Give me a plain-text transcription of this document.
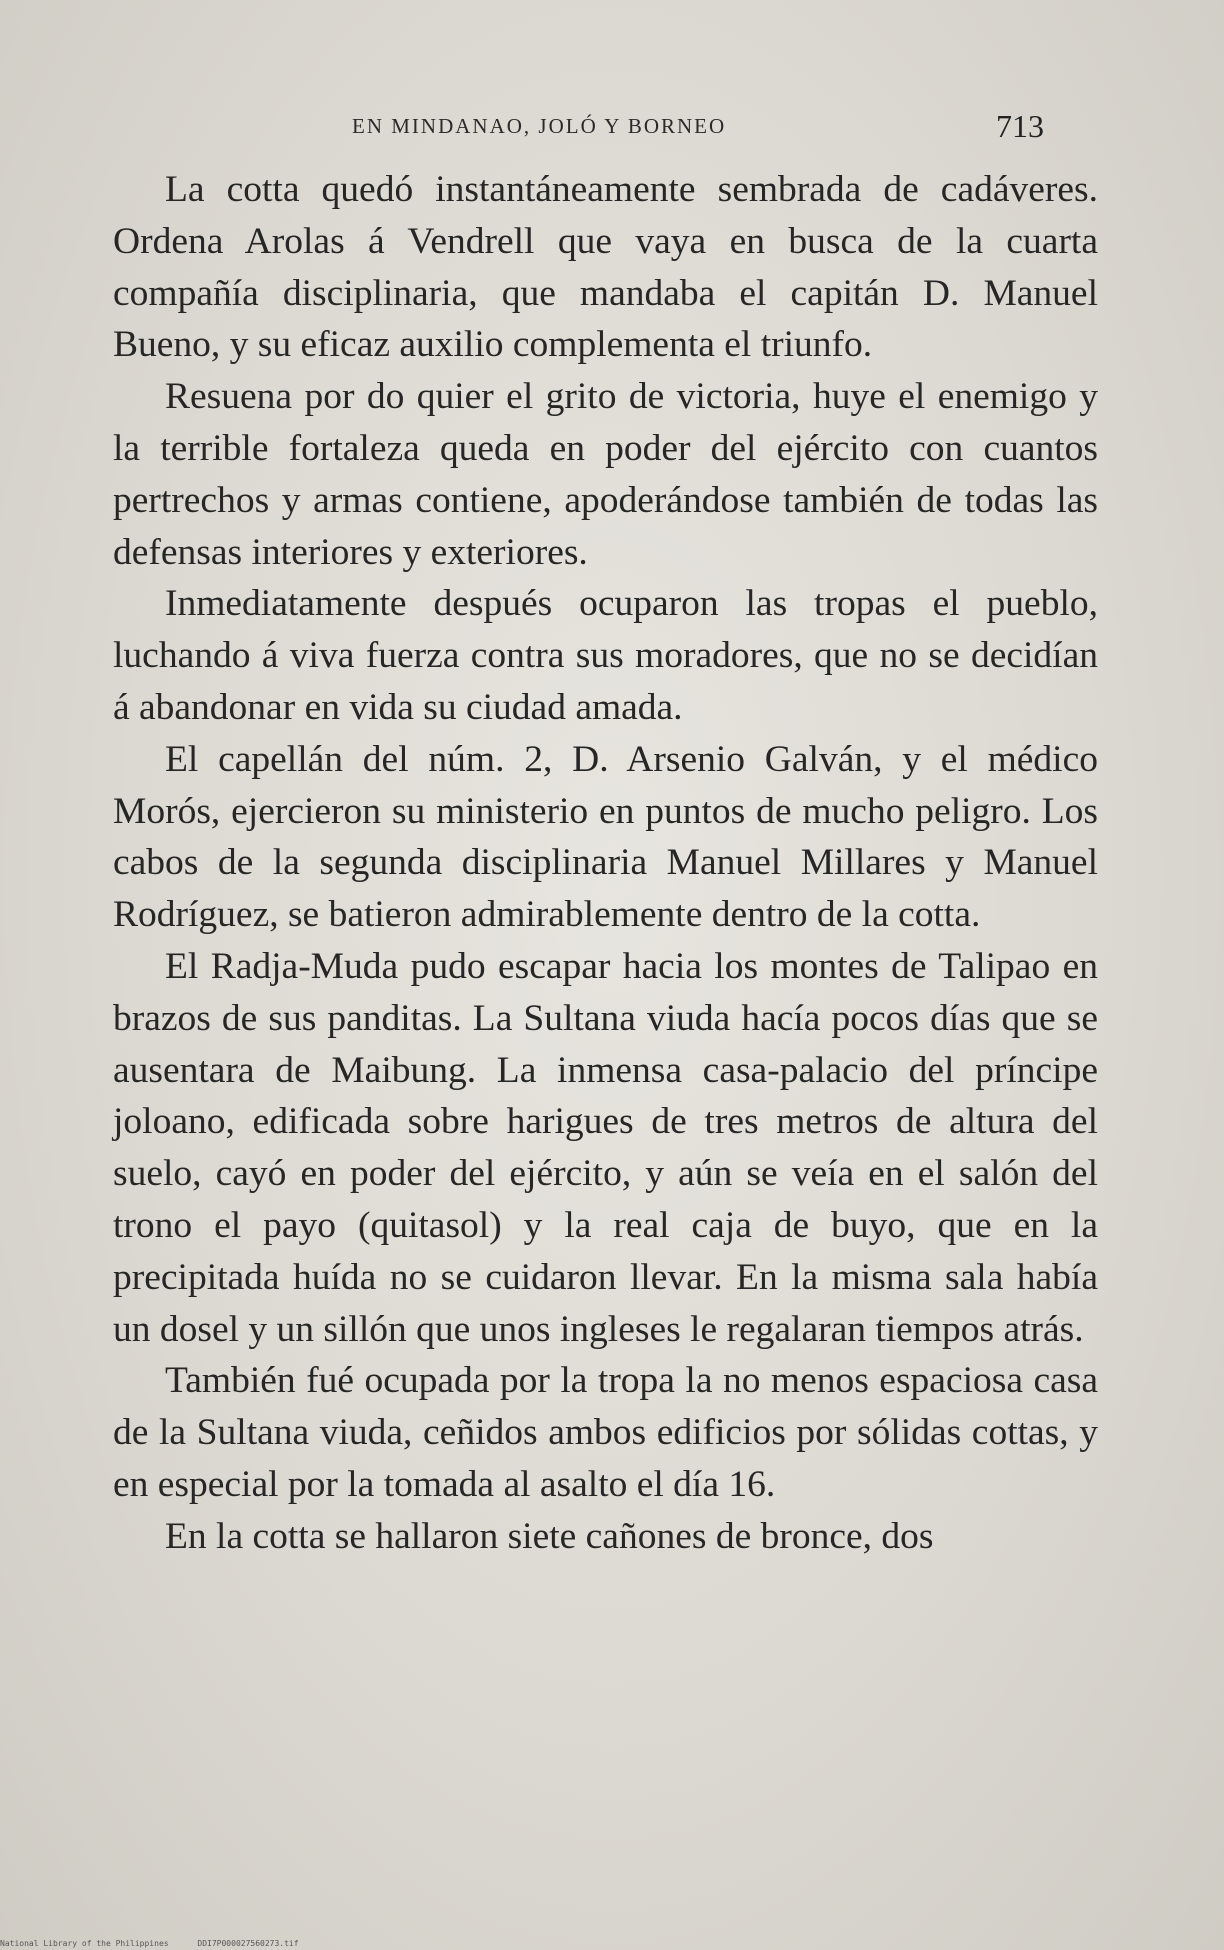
EN MINDANAO, JOLÓ Y BORNEO	713

La cotta quedó instantáneamente sembrada de cadáveres. Ordena Arolas á Vendrell que vaya en busca de la cuarta compañía disciplinaria, que mandaba el capitán D. Manuel Bueno, y su eficaz auxilio complementa el triunfo.

Resuena por do quier el grito de victoria, huye el enemigo y la terrible fortaleza queda en poder del ejército con cuantos pertrechos y armas contiene, apoderándose también de todas las defensas interiores y exteriores.

Inmediatamente después ocuparon las tropas el pueblo, luchando á viva fuerza contra sus moradores, que no se decidían á abandonar en vida su ciudad amada.

El capellán del núm. 2, D. Arsenio Galván, y el médico Morós, ejercieron su ministerio en puntos de mucho peligro. Los cabos de la segunda disciplinaria Manuel Millares y Manuel Rodríguez, se batieron admirablemente dentro de la cotta.

El Radja-Muda pudo escapar hacia los montes de Talipao en brazos de sus panditas. La Sultana viuda hacía pocos días que se ausentara de Maibung. La inmensa casa-palacio del príncipe joloano, edificada sobre harigues de tres metros de altura del suelo, cayó en poder del ejército, y aún se veía en el salón del trono el payo (quitasol) y la real caja de buyo, que en la precipitada huída no se cuidaron llevar. En la misma sala había un dosel y un sillón que unos ingleses le regalaran tiempos atrás.

También fué ocupada por la tropa la no menos espaciosa casa de la Sultana viuda, ceñidos ambos edificios por sólidas cottas, y en especial por la tomada al asalto el día 16.

En la cotta se hallaron siete cañones de bronce, dos

National Library of the Philippines	DDI7P000027560273.tif
